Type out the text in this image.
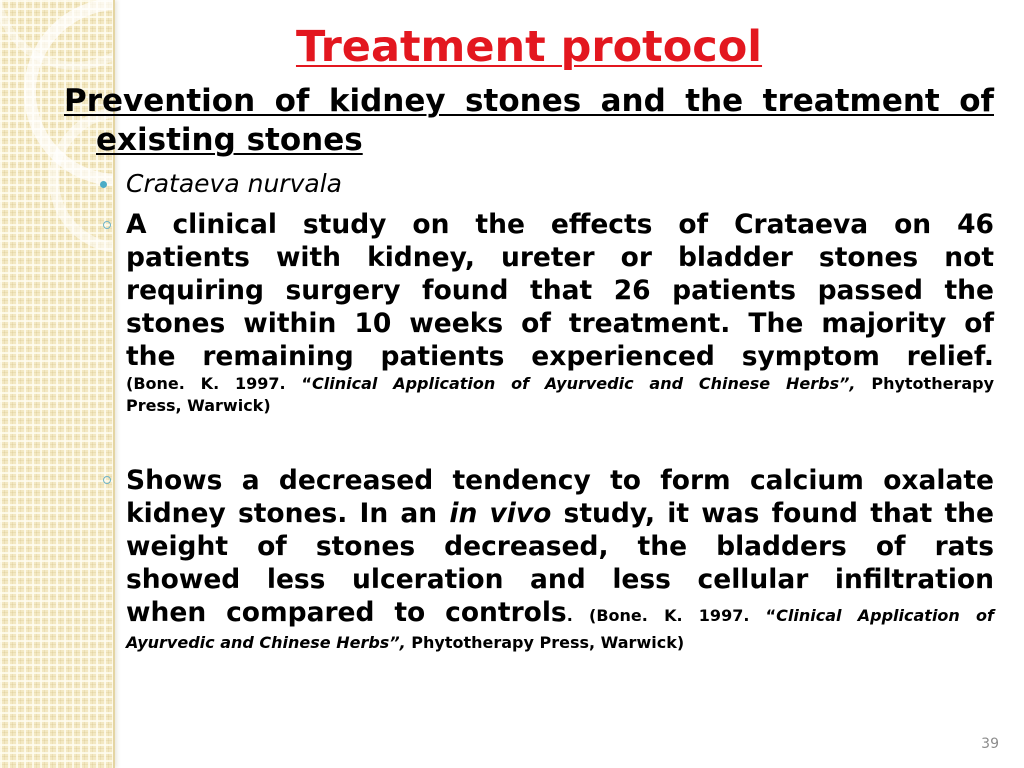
Treatment protocol
Prevention of kidney stones and the treatment of
existing stones
Crataeva nurvala
A clinical study on the effects of Crataeva on 46
patients with kidney, ureter or bladder stones not
requiring surgery found that 26 patients passed the
stones within 10 weeks of treatment. The majority of
the remaining patients experienced symptom relief.
(Bone. K. 1997. “Clinical Application of Ayurvedic and Chinese Herbs”, Phytotherapy
Press, Warwick)
Shows a decreased tendency to form calcium oxalate
kidney stones. In an in vivo study, it was found that the
weight of stones decreased, the bladders of rats
showed less ulceration and less cellular infiltration
when compared to controls. (Bone. K. 1997. “Clinical Application of
Ayurvedic and Chinese Herbs”, Phytotherapy Press, Warwick)
39
